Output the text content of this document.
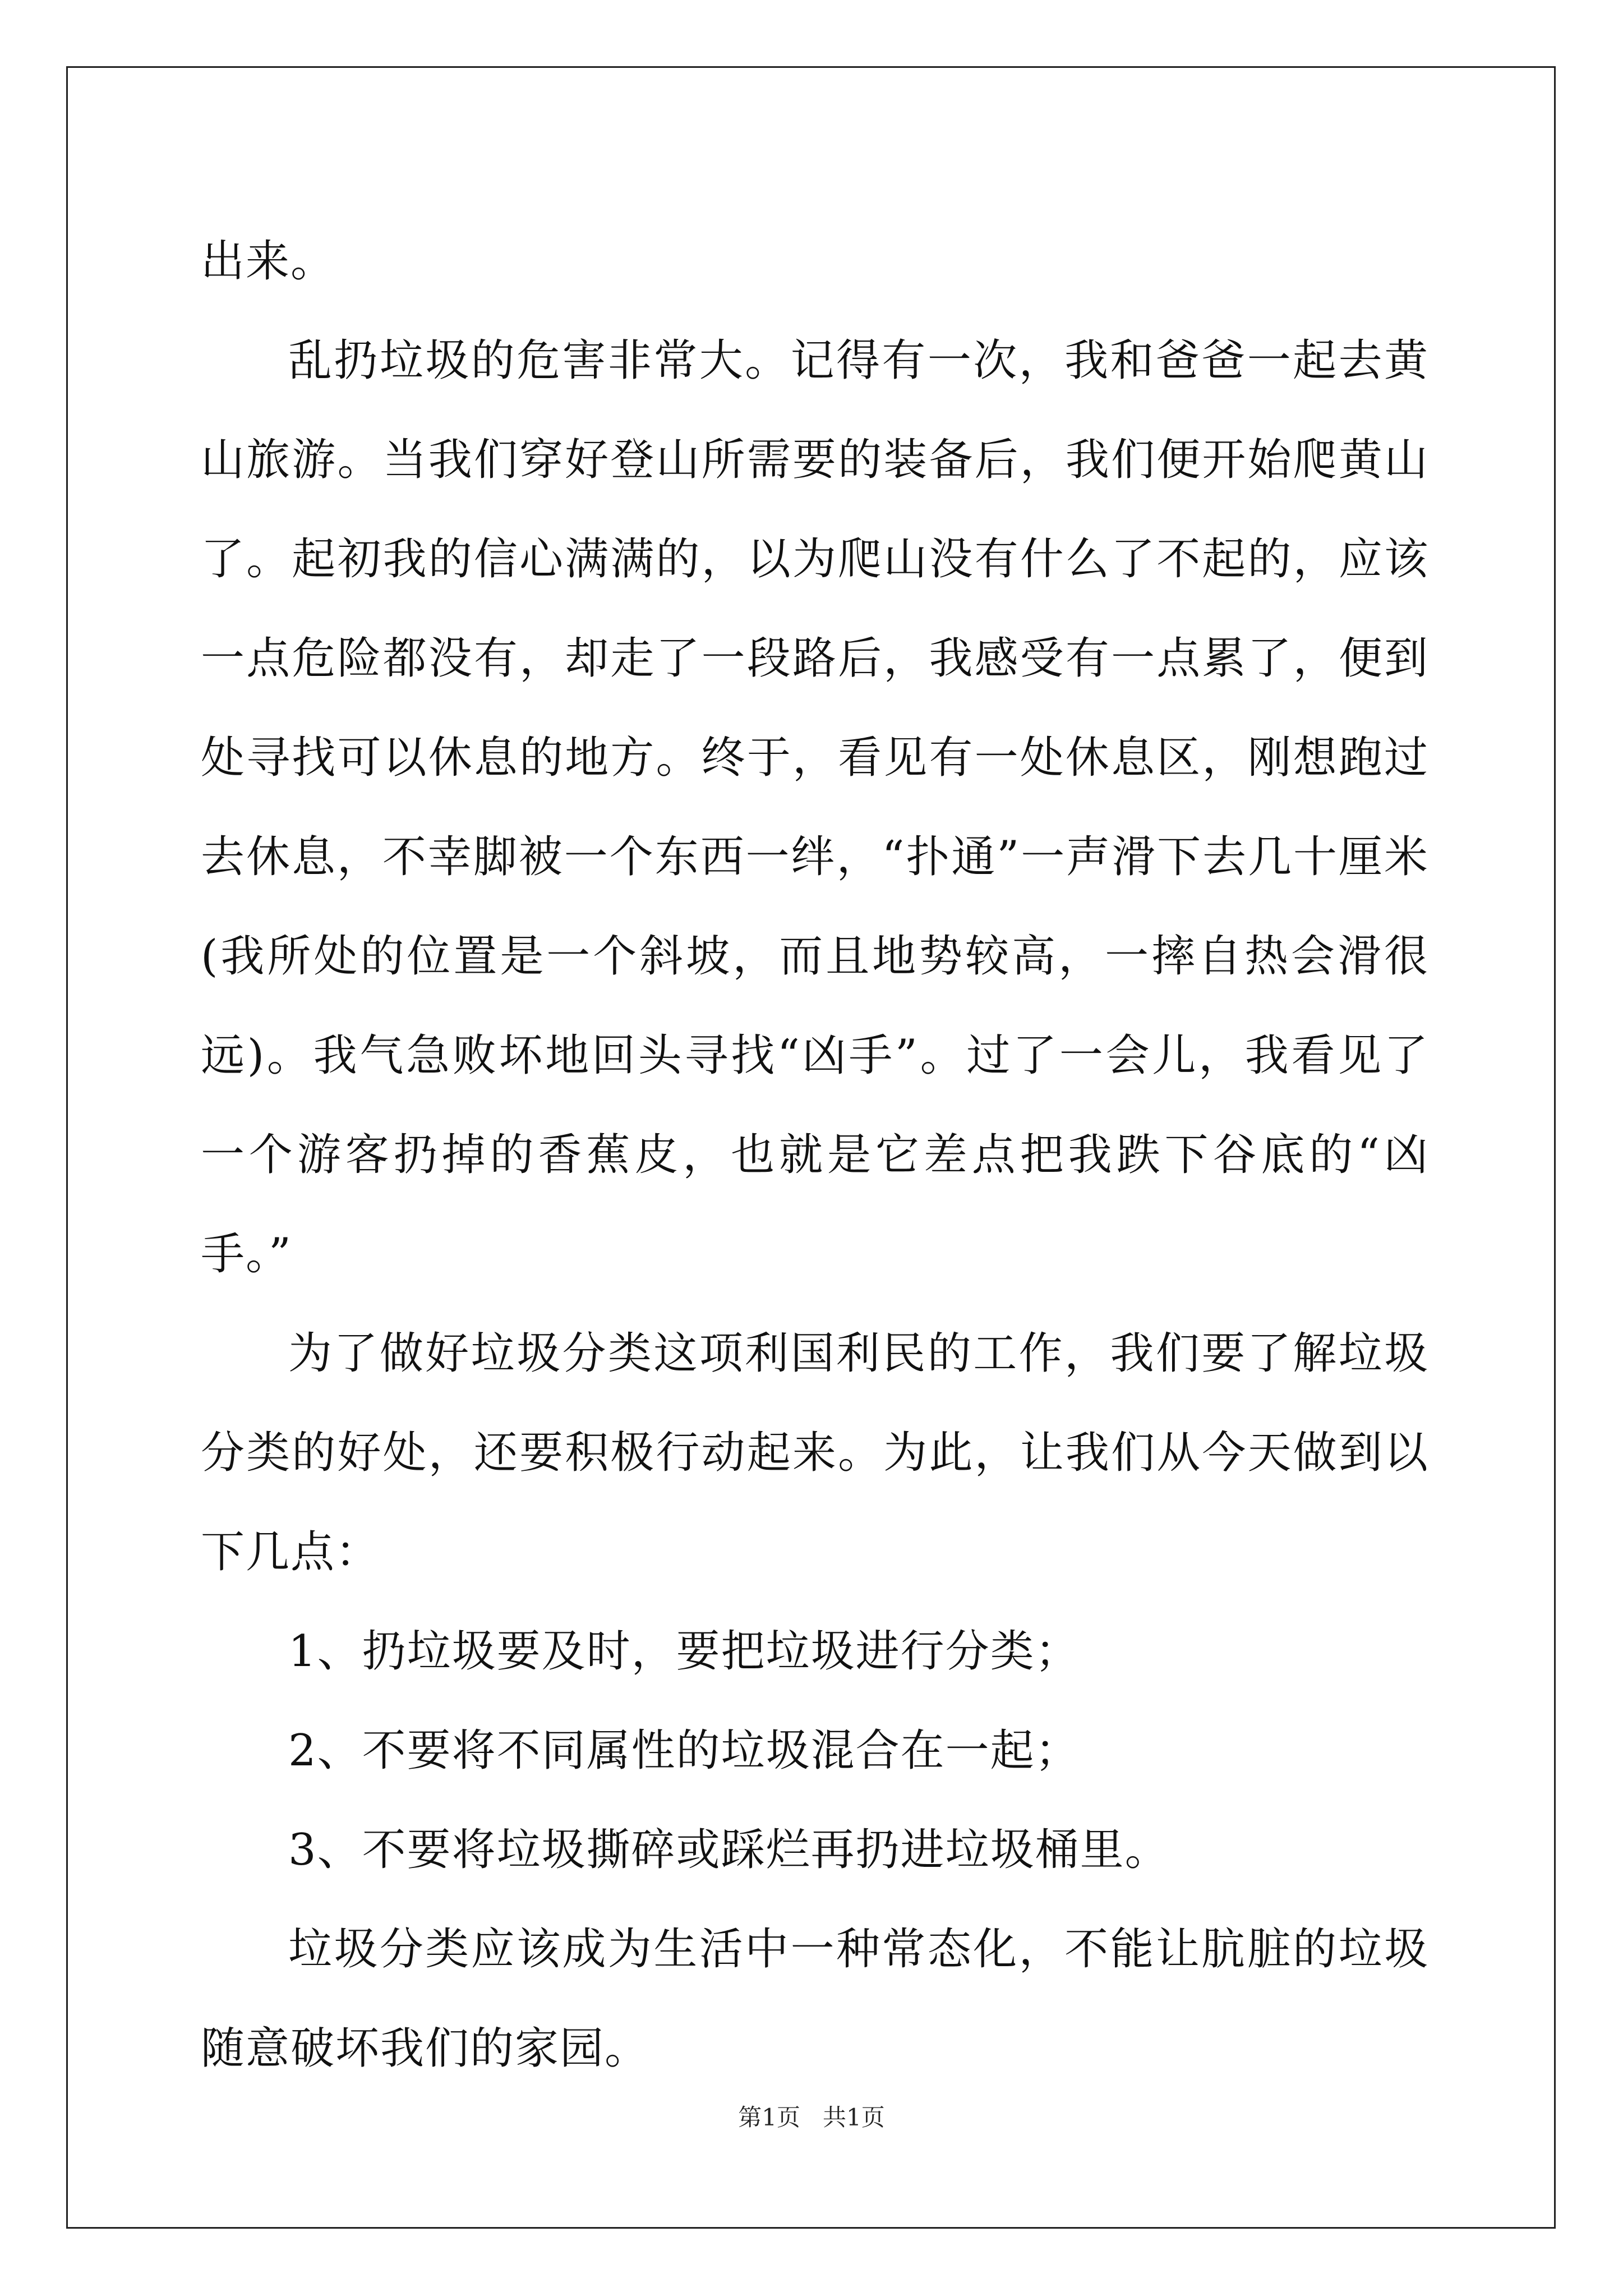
出来。

乱扔垃圾的危害非常大。记得有一次，我和爸爸一起去黄山旅游。当我们穿好登山所需要的装备后，我们便开始爬黄山了。起初我的信心满满的，以为爬山没有什么了不起的，应该一点危险都没有，却走了一段路后，我感受有一点累了，便到处寻找可以休息的地方。终于，看见有一处休息区，刚想跑过去休息，不幸脚被一个东西一绊，“扑通”一声滑下去几十厘米(我所处的位置是一个斜坡，而且地势较高，一摔自热会滑很远)。我气急败坏地回头寻找“凶手”。过了一会儿，我看见了一个游客扔掉的香蕉皮，也就是它差点把我跌下谷底的“凶手。”

为了做好垃圾分类这项利国利民的工作，我们要了解垃圾分类的好处，还要积极行动起来。为此，让我们从今天做到以下几点：

1、扔垃圾要及时，要把垃圾进行分类；

2、不要将不同属性的垃圾混合在一起；

3、不要将垃圾撕碎或踩烂再扔进垃圾桶里。

垃圾分类应该成为生活中一种常态化，不能让肮脏的垃圾随意破坏我们的家园。

第1页 共1页
